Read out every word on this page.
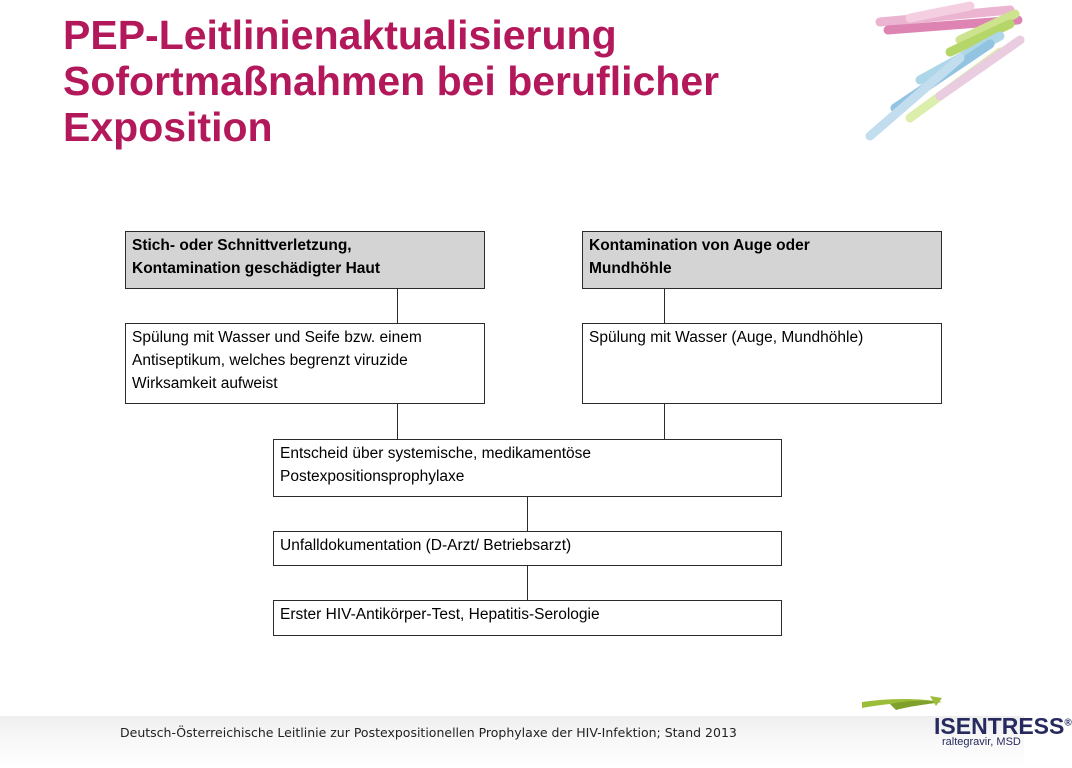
PEP-Leitlinienaktualisierung
Sofortmaßnahmen bei beruflicher
Exposition
Stich- oder Schnittverletzung,
Kontamination geschädigter Haut
Kontamination von Auge oder
Mundhöhle
Spülung mit Wasser und Seife bzw. einem
Antiseptikum, welches begrenzt viruzide
Wirksamkeit aufweist
Spülung mit Wasser (Auge, Mundhöhle)
Entscheid über systemische, medikamentöse
Postexpositionsprophylaxe
Unfalldokumentation (D-Arzt/ Betriebsarzt)
Erster HIV-Antikörper-Test, Hepatitis-Serologie
Deutsch-Österreichische Leitlinie zur Postexpositionellen Prophylaxe der HIV-Infektion; Stand 2013	ISENTRESS®
raltegravir, MSD
